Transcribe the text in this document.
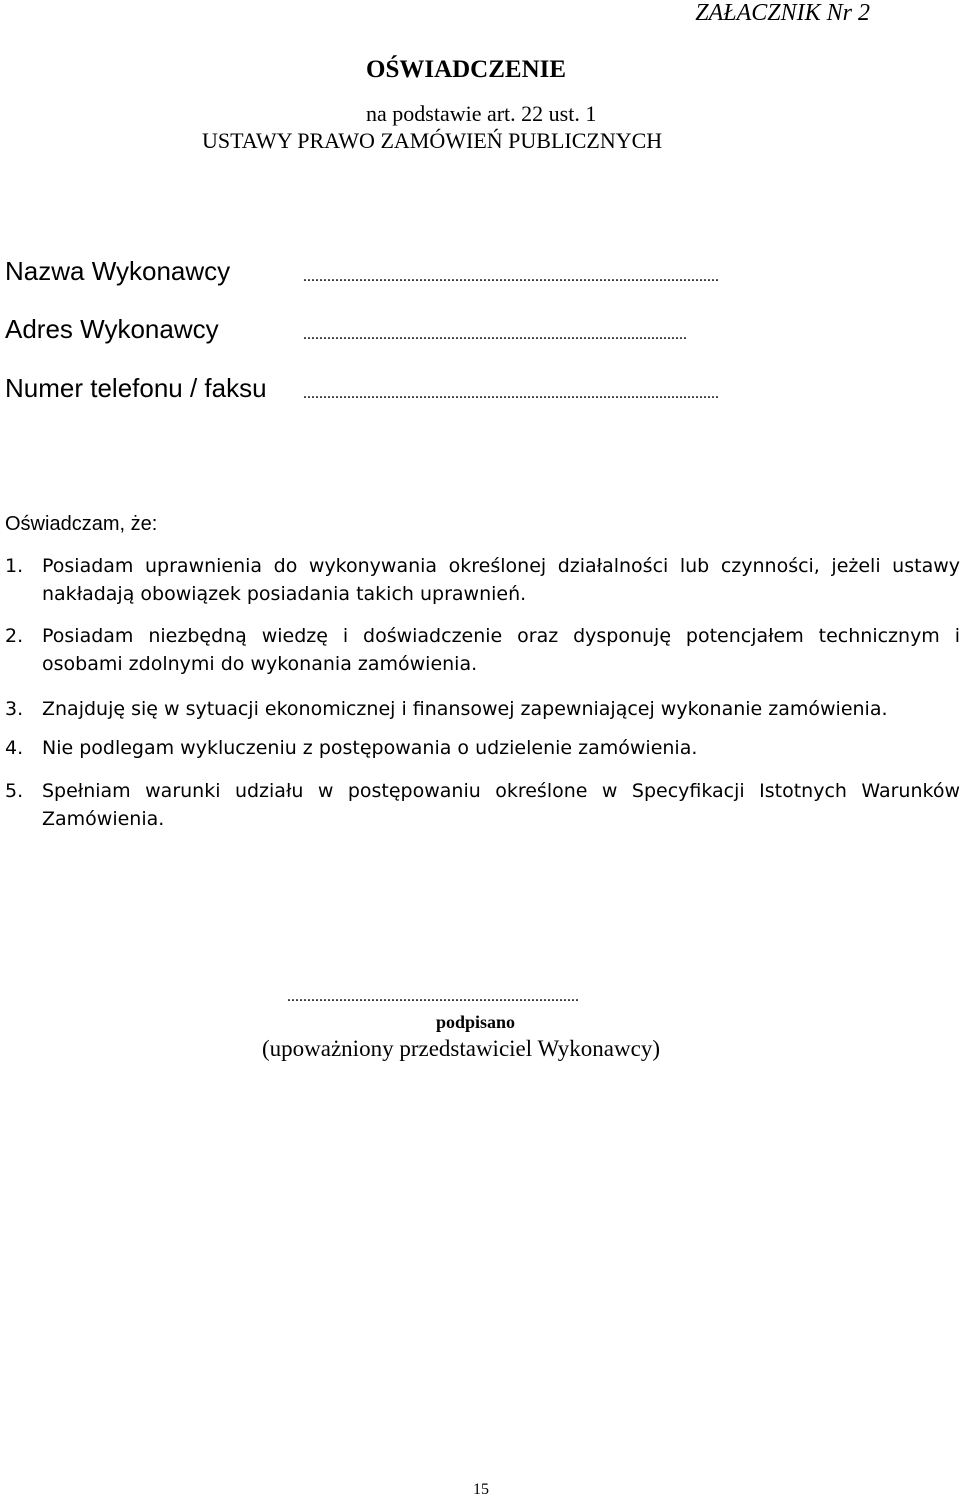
ZAŁACZNIK Nr 2
OŚWIADCZENIE
na podstawie art. 22 ust. 1
USTAWY PRAWO ZAMÓWIEŃ PUBLICZNYCH
Nazwa Wykonawcy	........................................................................................................
Adres Wykonawcy	................................................................................................
Numer telefonu / faksu ........................................................................................................
Oświadczam, że:
1. Posiadam uprawnienia do wykonywania określonej działalności lub czynności, jeżeli ustawy nakładają obowiązek posiadania takich uprawnień.
2. Posiadam niezbędną wiedzę i doświadczenie oraz dysponuję potencjałem technicznym i osobami zdolnymi do wykonania zamówienia.
3. Znajduję się w sytuacji ekonomicznej i finansowej zapewniającej wykonanie zamówienia.
4. Nie podlegam wykluczeniu z postępowania o udzielenie zamówienia.
5. Spełniam warunki udziału w postępowaniu określone w Specyfikacji Istotnych Warunków Zamówienia.
.........................................................................
podpisano
(upoważniony przedstawiciel Wykonawcy)
15
